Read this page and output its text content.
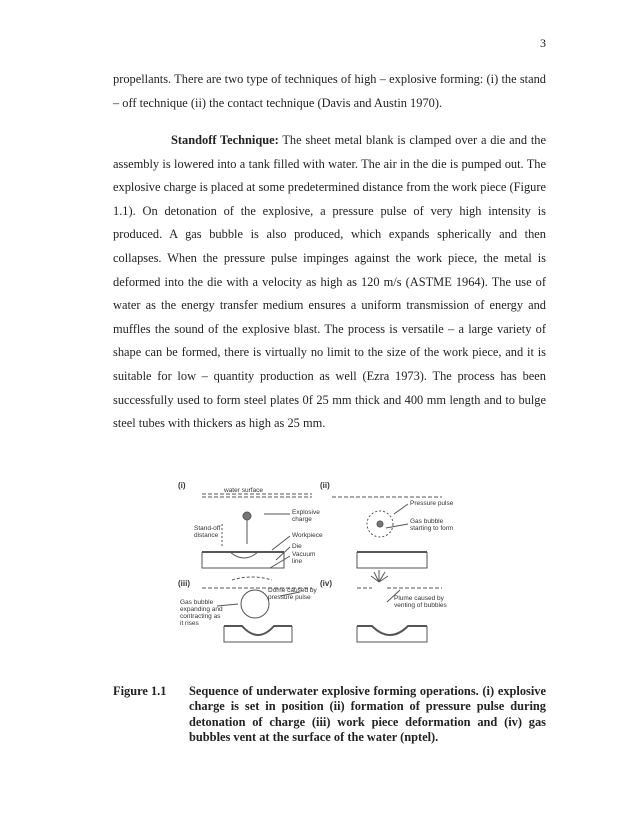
3

propellants. There are two type of techniques of high – explosive forming: (i) the stand – off technique (ii) the contact technique (Davis and Austin 1970).

Standoff Technique: The sheet metal blank is clamped over a die and the assembly is lowered into a tank filled with water. The air in the die is pumped out. The explosive charge is placed at some predetermined distance from the work piece (Figure 1.1). On detonation of the explosive, a pressure pulse of very high intensity is produced. A gas bubble is also produced, which expands spherically and then collapses. When the pressure pulse impinges against the work piece, the metal is deformed into the die with a velocity as high as 120 m/s (ASTME 1964). The use of water as the energy transfer medium ensures a uniform transmission of energy and muffles the sound of the explosive blast. The process is versatile – a large variety of shape can be formed, there is virtually no limit to the size of the work piece, and it is suitable for low – quantity production as well (Ezra 1973). The process has been successfully used to form steel plates 0f 25 mm thick and 400 mm length and to bulge steel tubes with thickers as high as 25 mm.

(i)	(ii)
(iii)	(iv)
water surface
Explosive
charge
Stand-off
distance	Workpiece
Die
Vacuum
line
Pressure pulse
Gas bubble
starting to form
Gas bubble
expanding and
contracting as
it rises
Dome caused by
pressure pulse	Plume caused by
venting of bubbles
Figure 1.1 Sequence of underwater explosive forming operations. (i) explosive charge is set in position (ii) formation of pressure pulse during detonation of charge (iii) work piece deformation and (iv) gas bubbles vent at the surface of the water (nptel).
